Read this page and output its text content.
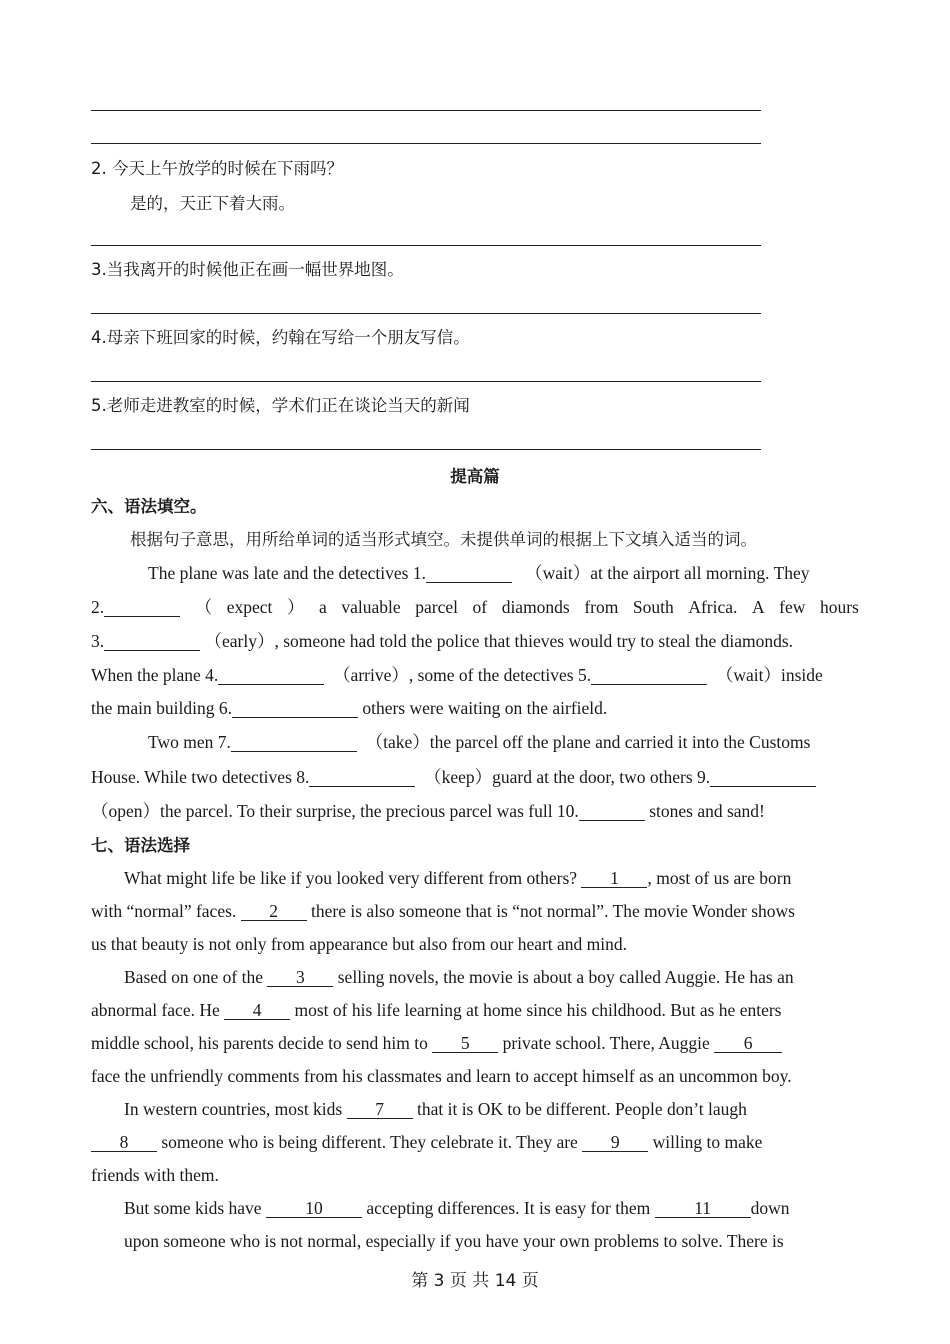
2. 今天上午放学的时候在下雨吗？
是的，天正下着大雨。
3.当我离开的时候他正在画一幅世界地图。
4.母亲下班回家的时候，约翰在写给一个朋友写信。
5.老师走进教室的时候，学术们正在谈论当天的新闻
提高篇
六、语法填空。
根据句子意思，用所给单词的适当形式填空。未提供单词的根据上下文填入适当的词。
The plane was late and the detectives 1.	（wait）at the airport all morning. They
2.	（ expect ） a valuable parcel of diamonds from South Africa. A few hours
3.	（early）, someone had told the police that thieves would try to steal the diamonds.
When the plane 4.	（arrive）, some of the detectives 5.	（wait）inside
the main building 6.	others were waiting on the airfield.
Two men 7.	（take）the parcel off the plane and carried it into the Customs
House. While two detectives 8.	（keep）guard at the door, two others 9.
（open）the parcel. To their surprise, the precious parcel was full 10.	stones and sand!
七、语法选择
What might life be like if you looked very different from others? 1 , most of us are born
with “normal” faces. 2 there is also someone that is “not normal”. The movie Wonder shows
us that beauty is not only from appearance but also from our heart and mind.
Based on one of the 3 selling novels, the movie is about a boy called Auggie. He has an
abnormal face. He 4 most of his life learning at home since his childhood. But as he enters
middle school, his parents decide to send him to 5 private school. There, Auggie 6
face the unfriendly comments from his classmates and learn to accept himself as an uncommon boy.
In western countries, most kids 7 that it is OK to be different. People don’t laugh
8 someone who is being different. They celebrate it. They are 9 willing to make
friends with them.
But some kids have 10 accepting differences. It is easy for them 11 down
upon someone who is not normal, especially if you have your own problems to solve. There is
第 3 页 共 14 页
